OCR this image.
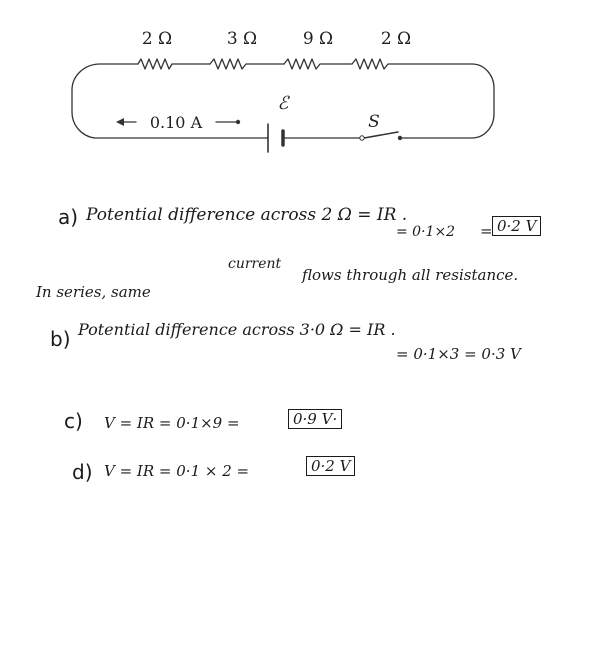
2 Ω	3 Ω	9 Ω	2 Ω
0.10 A
ℰ
S
a) Potential difference across 2 Ω = IR .
= 0·1×2 = 0·2 V
In series, same
current
flows through all resistance.
b) Potential difference across 3·0 Ω = IR .
= 0·1×3 = 0·3 V
c) V = IR = 0·1×9 =	0·9 V·
d) V = IR = 0·1 × 2 =	0·2 V
